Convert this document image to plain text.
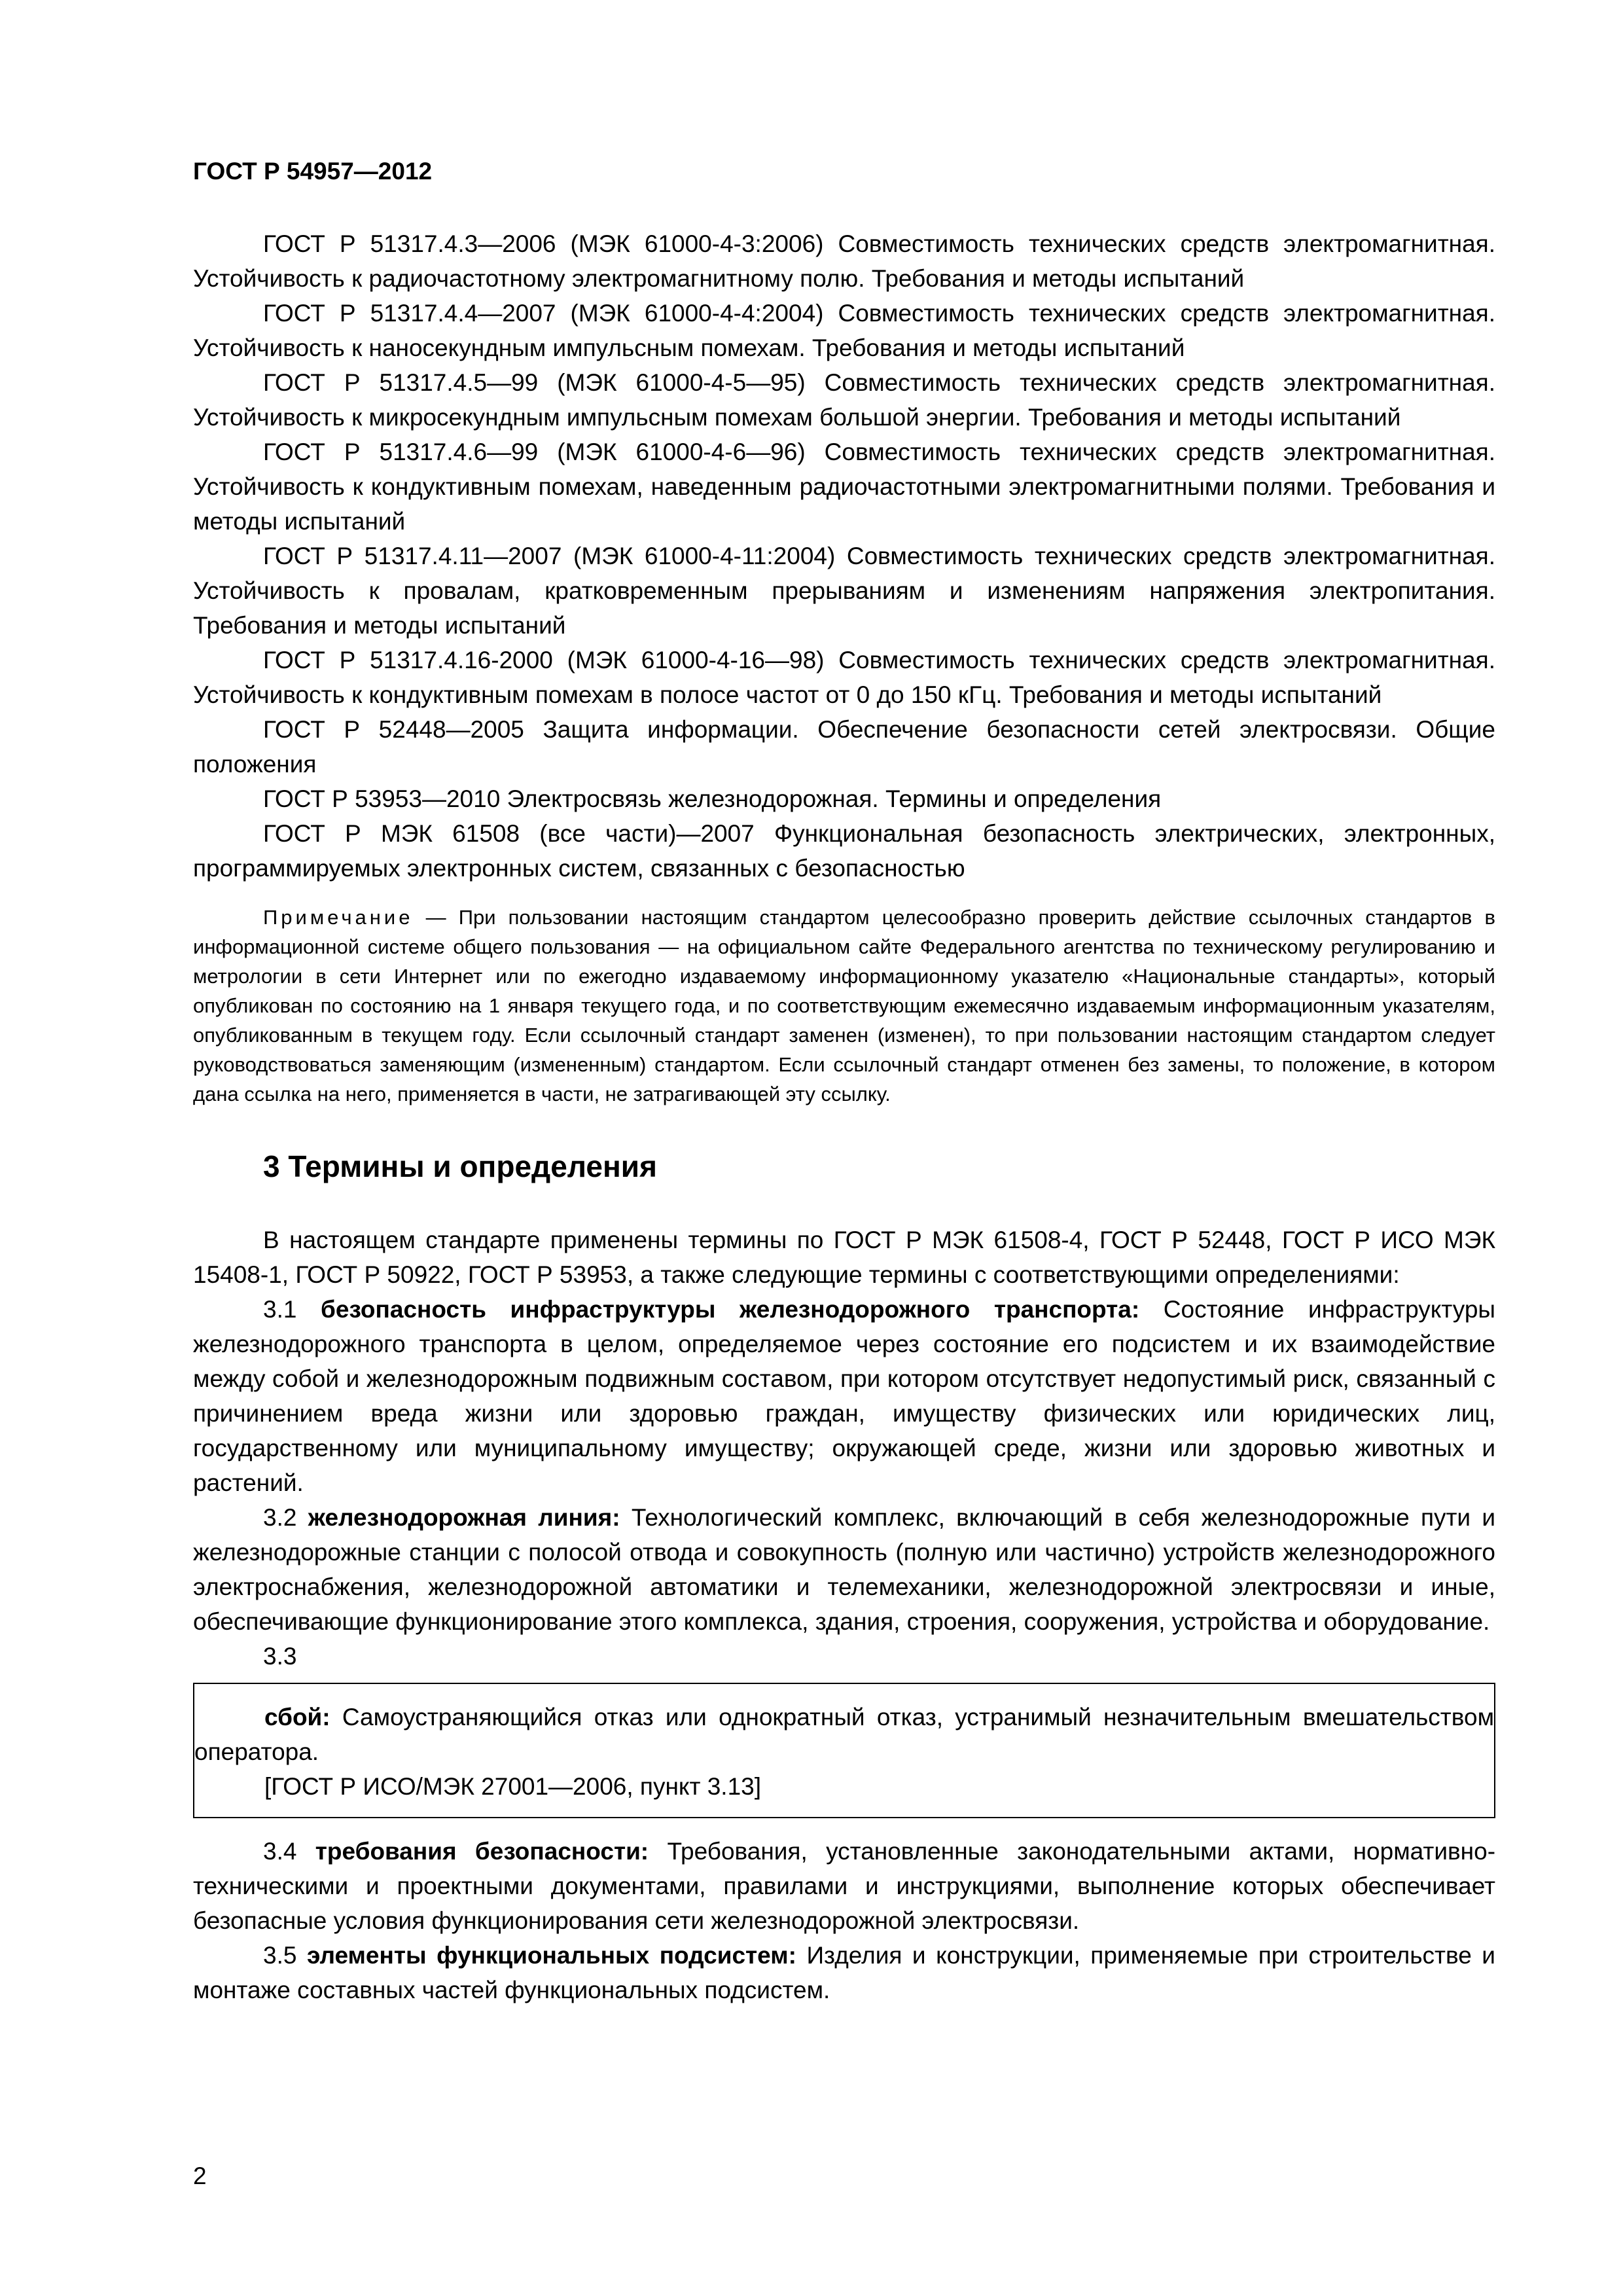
ГОСТ Р 54957—2012

ГОСТ Р 51317.4.3—2006 (МЭК 61000-4-3:2006) Совместимость технических средств электромагнитная. Устойчивость к радиочастотному электромагнитному полю. Требования и методы испытаний

ГОСТ Р 51317.4.4—2007 (МЭК 61000-4-4:2004) Совместимость технических средств электромагнитная. Устойчивость к наносекундным импульсным помехам. Требования и методы испытаний

ГОСТ Р 51317.4.5—99 (МЭК 61000-4-5—95) Совместимость технических средств электромагнитная. Устойчивость к микросекундным импульсным помехам большой энергии. Требования и методы испытаний

ГОСТ Р 51317.4.6—99 (МЭК 61000-4-6—96) Совместимость технических средств электромагнитная. Устойчивость к кондуктивным помехам, наведенным радиочастотными электромагнитными полями. Требования и методы испытаний

ГОСТ Р 51317.4.11—2007 (МЭК 61000-4-11:2004) Совместимость технических средств электромагнитная. Устойчивость к провалам, кратковременным прерываниям и изменениям напряжения электропитания. Требования и методы испытаний

ГОСТ Р 51317.4.16-2000 (МЭК 61000-4-16—98) Совместимость технических средств электромагнитная. Устойчивость к кондуктивным помехам в полосе частот от 0 до 150 кГц. Требования и методы испытаний

ГОСТ Р 52448—2005 Защита информации. Обеспечение безопасности сетей электросвязи. Общие положения

ГОСТ Р 53953—2010 Электросвязь железнодорожная. Термины и определения

ГОСТ Р МЭК 61508 (все части)—2007 Функциональная безопасность электрических, электронных, программируемых электронных систем, связанных с безопасностью

Примечание — При пользовании настоящим стандартом целесообразно проверить действие ссылочных стандартов в информационной системе общего пользования — на официальном сайте Федерального агентства по техническому регулированию и метрологии в сети Интернет или по ежегодно издаваемому информационному указателю «Национальные стандарты», который опубликован по состоянию на 1 января текущего года, и по соответствующим ежемесячно издаваемым информационным указателям, опубликованным в текущем году. Если ссылочный стандарт заменен (изменен), то при пользовании настоящим стандартом следует руководствоваться заменяющим (измененным) стандартом. Если ссылочный стандарт отменен без замены, то положение, в котором дана ссылка на него, применяется в части, не затрагивающей эту ссылку.

3 Термины и определения

В настоящем стандарте применены термины по ГОСТ Р МЭК 61508-4, ГОСТ Р 52448, ГОСТ Р ИСО МЭК 15408-1, ГОСТ Р 50922, ГОСТ Р 53953, а также следующие термины с соответствующими определениями:

3.1 безопасность инфраструктуры железнодорожного транспорта: Состояние инфраструктуры железнодорожного транспорта в целом, определяемое через состояние его подсистем и их взаимодействие между собой и железнодорожным подвижным составом, при котором отсутствует недопустимый риск, связанный с причинением вреда жизни или здоровью граждан, имуществу физических или юридических лиц, государственному или муниципальному имуществу; окружающей среде, жизни или здоровью животных и растений.

3.2 железнодорожная линия: Технологический комплекс, включающий в себя железнодорожные пути и железнодорожные станции с полосой отвода и совокупность (полную или частично) устройств железнодорожного электроснабжения, железнодорожной автоматики и телемеханики, железнодорожной электросвязи и иные, обеспечивающие функционирование этого комплекса, здания, строения, сооружения, устройства и оборудование.

3.3

сбой: Самоустраняющийся отказ или однократный отказ, устранимый незначительным вмешательством оператора.

[ГОСТ Р ИСО/МЭК 27001—2006, пункт 3.13]

3.4 требования безопасности: Требования, установленные законодательными актами, нормативно-техническими и проектными документами, правилами и инструкциями, выполнение которых обеспечивает безопасные условия функционирования сети железнодорожной электросвязи.

3.5 элементы функциональных подсистем: Изделия и конструкции, применяемые при строительстве и монтаже составных частей функциональных подсистем.

2
